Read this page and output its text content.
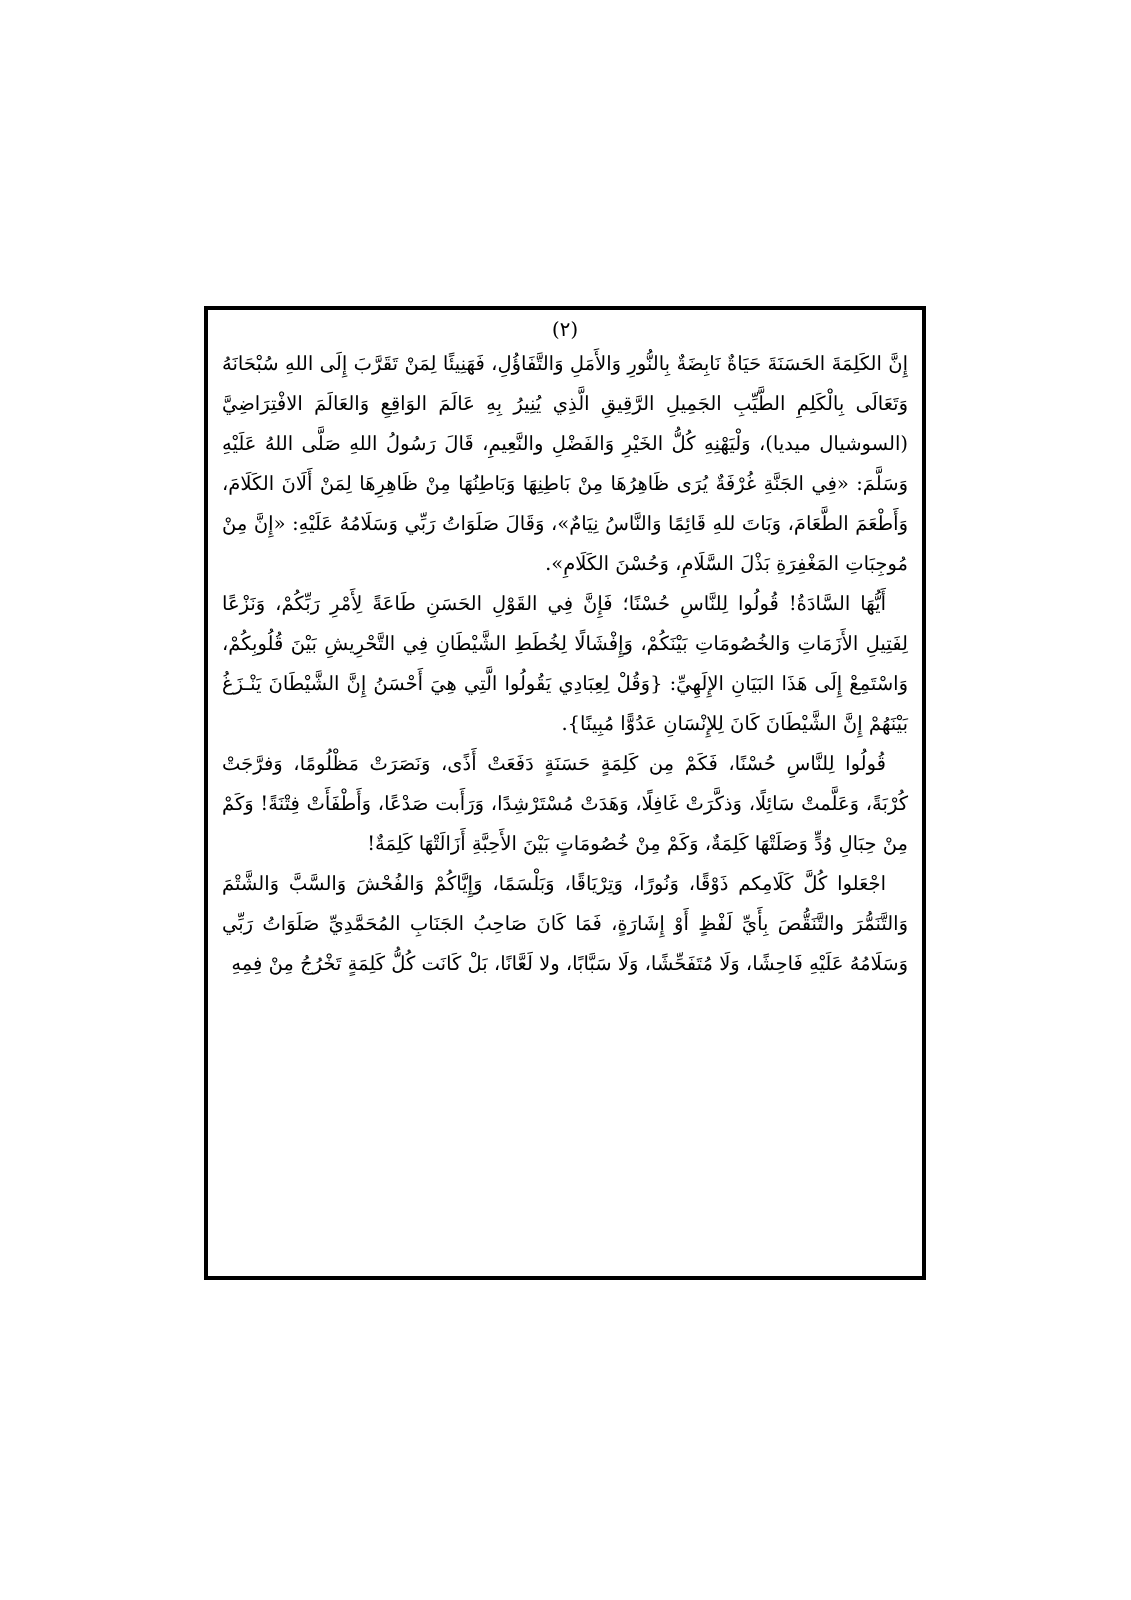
(٢)

إِنَّ الكَلِمَةَ الحَسَنَةَ حَيَاةٌ نَابِضَةٌ بِالنُّورِ وَالأَمَلِ وَالتَّفَاؤُلِ، فَهَنِيئًا لِمَنْ تَقَرَّبَ إِلَى اللهِ سُبْحَانَهُ وَتَعَالَى بِالْكَلِمِ الطَّيِّبِ الجَمِيلِ الرَّقِيقِ الَّذِي يُنِيرُ بِهِ عَالَمَ الوَاقِعِ وَالعَالَمَ الافْتِرَاضِيَّ (السوشيال ميديا)، وَلْيَهْنِهِ كُلُّ الخَيْرِ وَالفَضْلِ والنَّعِيمِ، قَالَ رَسُولُ اللهِ صَلَّى اللهُ عَلَيْهِ وَسَلَّمَ: «فِي الجَنَّةِ غُرْفَةٌ يُرَى ظَاهِرُهَا مِنْ بَاطِنِهَا وَبَاطِنُهَا مِنْ ظَاهِرِهَا لِمَنْ أَلَانَ الكَلَامَ، وَأَطْعَمَ الطَّعَامَ، وَبَاتَ للهِ قَائِمًا وَالنَّاسُ نِيَامٌ»، وَقَالَ صَلَوَاتُ رَبِّي وَسَلَامُهُ عَلَيْهِ: «إِنَّ مِنْ مُوجِبَاتِ المَغْفِرَةِ بَذْلَ السَّلَامِ، وَحُسْنَ الكَلَامِ».

أَيُّهَا السَّادَةُ! قُولُوا لِلنَّاسِ حُسْنًا؛ فَإِنَّ فِي القَوْلِ الحَسَنِ طَاعَةً لِأَمْرِ رَبِّكُمْ، وَنَزْعًا لِفَتِيلِ الأَزَمَاتِ وَالخُصُومَاتِ بَيْنَكُمْ، وَإِفْشَالًا لِخُطَطِ الشَّيْطَانِ فِي التَّحْرِيشِ بَيْنَ قُلُوبِكُمْ، وَاسْتَمِعْ إِلَى هَذَا البَيَانِ الإِلَهِيِّ: {وَقُلْ لِعِبَادِي يَقُولُوا الَّتِي هِيَ أَحْسَنُ إِنَّ الشَّيْطَانَ يَنْـزَغُ بَيْنَهُمْ إِنَّ الشَّيْطَانَ كَانَ لِلإِنْسَانِ عَدُوًّا مُبِينًا}.

قُولُوا لِلنَّاسِ حُسْنًا، فَكَمْ مِن كَلِمَةٍ حَسَنَةٍ دَفَعَتْ أَذًى، وَنَصَرَتْ مَظْلُومًا، وَفرَّجَتْ كُرْبَةً، وَعَلَّمتْ سَائِلًا، وَذكَّرَتْ غَافِلًا، وَهَدَتْ مُسْتَرْشِدًا، وَرَأَبت صَدْعًا، وَأَطْفَأَتْ فِتْنَةً! وَكَمْ مِنْ حِبَالِ وُدٍّ وَصَلَتْهَا كَلِمَةٌ، وَكَمْ مِنْ خُصُومَاتٍ بَيْنَ الأَحِبَّةِ أَزَالَتْهَا كَلِمَةٌ!

اجْعَلوا كُلَّ كَلَامِكم ذَوْقًا، وَنُورًا، وَتِرْيَاقًا، وَبَلْسَمًا، وَإِيَّاكُمْ وَالفُحْشَ وَالسَّبَّ وَالشَّتْمَ وَالتَّنَمُّرَ والتَّنَقُّصَ بِأَيِّ لَفْظٍ أَوْ إِشَارَةٍ، فَمَا كَانَ صَاحِبُ الجَنَابِ المُحَمَّدِيِّ صَلَوَاتُ رَبِّي وَسَلَامُهُ عَلَيْهِ فَاحِشًا، وَلَا مُتَفَحِّشًا، وَلَا سَبَّابًا، ولا لَعَّانًا، بَلْ كَانَت كُلُّ كَلِمَةٍ تَخْرُجُ مِنْ فِمِهِ
